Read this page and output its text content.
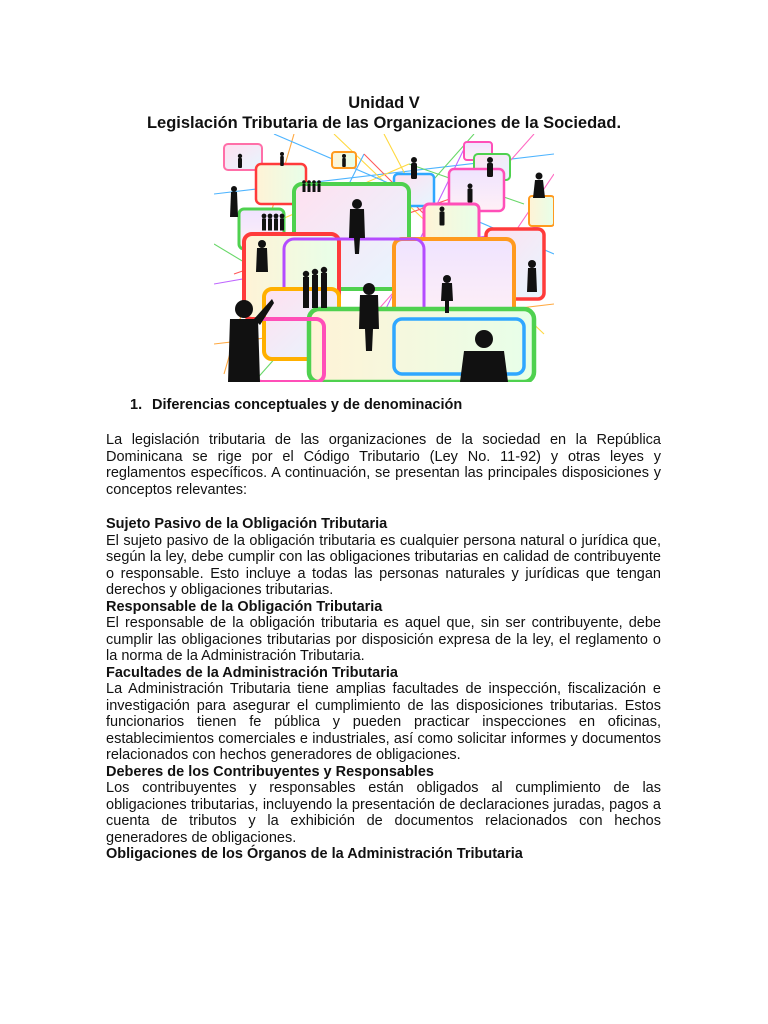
Unidad V
Legislación Tributaria de las Organizaciones de la Sociedad.
1. Diferencias conceptuales y de denominación

La legislación tributaria de las organizaciones de la sociedad en la República Dominicana se rige por el Código Tributario (Ley No. 11-92) y otras leyes y reglamentos específicos. A continuación, se presentan las principales disposiciones y conceptos relevantes:

Sujeto Pasivo de la Obligación Tributaria

El sujeto pasivo de la obligación tributaria es cualquier persona natural o jurídica que, según la ley, debe cumplir con las obligaciones tributarias en calidad de contribuyente o responsable. Esto incluye a todas las personas naturales y jurídicas que tengan derechos y obligaciones tributarias.

Responsable de la Obligación Tributaria

El responsable de la obligación tributaria es aquel que, sin ser contribuyente, debe cumplir las obligaciones tributarias por disposición expresa de la ley, el reglamento o la norma de la Administración Tributaria.

Facultades de la Administración Tributaria

La Administración Tributaria tiene amplias facultades de inspección, fiscalización e investigación para asegurar el cumplimiento de las disposiciones tributarias. Estos funcionarios tienen fe pública y pueden practicar inspecciones en oficinas, establecimientos comerciales e industriales, así como solicitar informes y documentos relacionados con hechos generadores de obligaciones.

Deberes de los Contribuyentes y Responsables

Los contribuyentes y responsables están obligados al cumplimiento de las obligaciones tributarias, incluyendo la presentación de declaraciones juradas, pagos a cuenta de tributos y la exhibición de documentos relacionados con hechos generadores de obligaciones.

Obligaciones de los Órganos de la Administración Tributaria
